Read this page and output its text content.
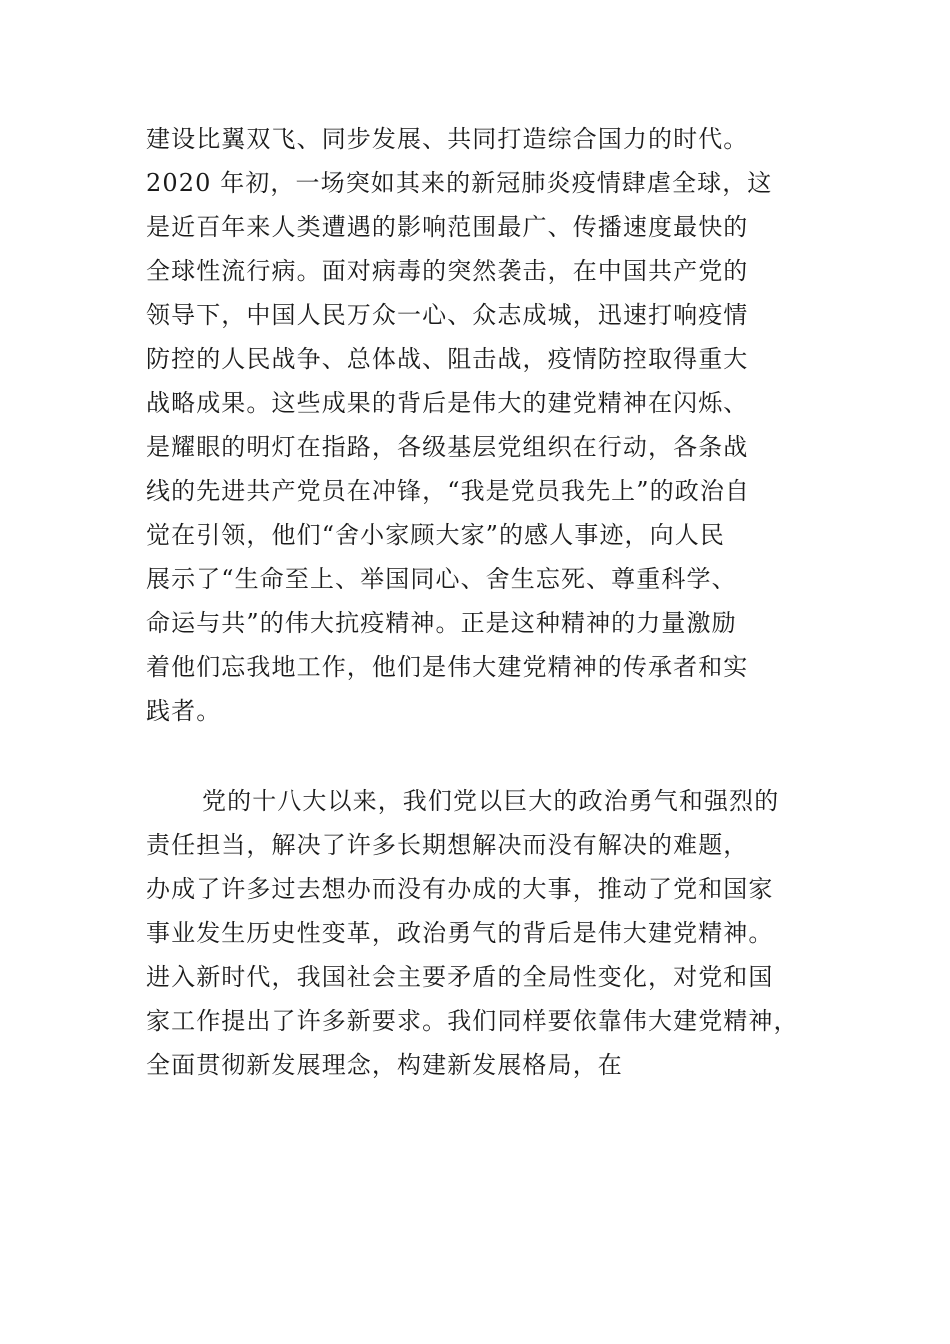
建设比翼双飞、同步发展、共同打造综合国力的时代。

2020 年初，一场突如其来的新冠肺炎疫情肆虐全球，这

是近百年来人类遭遇的影响范围最广、传播速度最快的

全球性流行病。面对病毒的突然袭击，在中国共产党的

领导下，中国人民万众一心、众志成城，迅速打响疫情

防控的人民战争、总体战、阻击战，疫情防控取得重大

战略成果。这些成果的背后是伟大的建党精神在闪烁、

是耀眼的明灯在指路，各级基层党组织在行动，各条战

线的先进共产党员在冲锋，“我是党员我先上”的政治自

觉在引领，他们“舍小家顾大家”的感人事迹，向人民

展示了“生命至上、举国同心、舍生忘死、尊重科学、

命运与共”的伟大抗疫精神。正是这种精神的力量激励

着他们忘我地工作，他们是伟大建党精神的传承者和实

践者。

党的十八大以来，我们党以巨大的政治勇气和强烈的

责任担当，解决了许多长期想解决而没有解决的难题，

办成了许多过去想办而没有办成的大事，推动了党和国家

事业发生历史性变革，政治勇气的背后是伟大建党精神。

进入新时代，我国社会主要矛盾的全局性变化，对党和国

家工作提出了许多新要求。我们同样要依靠伟大建党精神，

全面贯彻新发展理念，构建新发展格局，在
